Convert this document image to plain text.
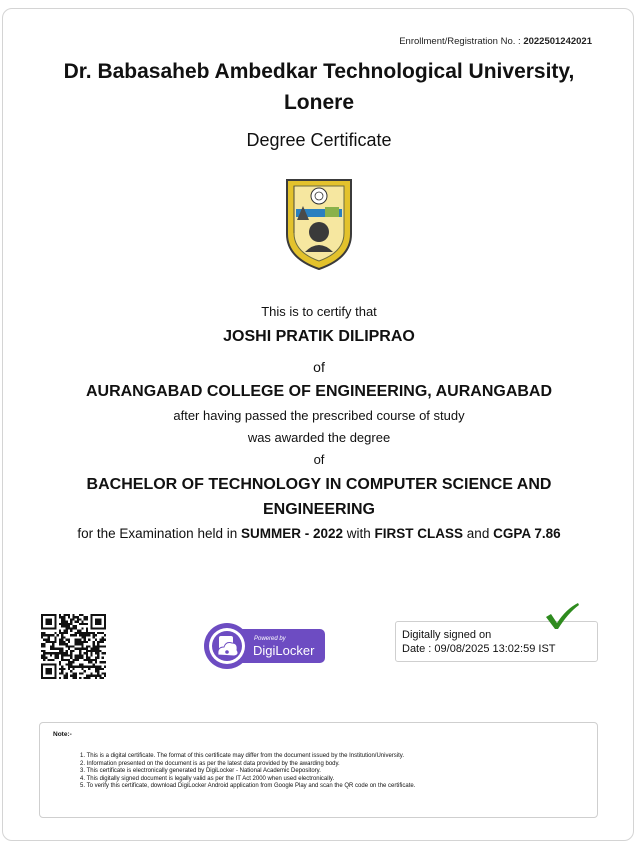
Enrollment/Registration No. : 2022501242021
Dr. Babasaheb Ambedkar Technological University,
Lonere
Degree Certificate
This is to certify that
JOSHI PRATIK DILIPRAO
of
AURANGABAD COLLEGE OF ENGINEERING, AURANGABAD
after having passed the prescribed course of study
was awarded the degree
of
BACHELOR OF TECHNOLOGY IN COMPUTER SCIENCE AND
ENGINEERING
for the Examination held in SUMMER - 2022 with FIRST CLASS and CGPA 7.86
Powered by
DigiLocker
Digitally signed on
Date : 09/08/2025 13:02:59 IST
Note:-
1. This is a digital certificate. The format of this certificate may differ from the document issued by the Institution/University.
2. Information presented on the document is as per the latest data provided by the awarding body.
3. This certificate is electronically generated by DigiLocker - National Academic Depository.
4. This digitally signed document is legally valid as per the IT Act 2000 when used electronically.
5. To verify this certificate, download DigiLocker Android application from Google Play and scan the QR code on the certificate.
